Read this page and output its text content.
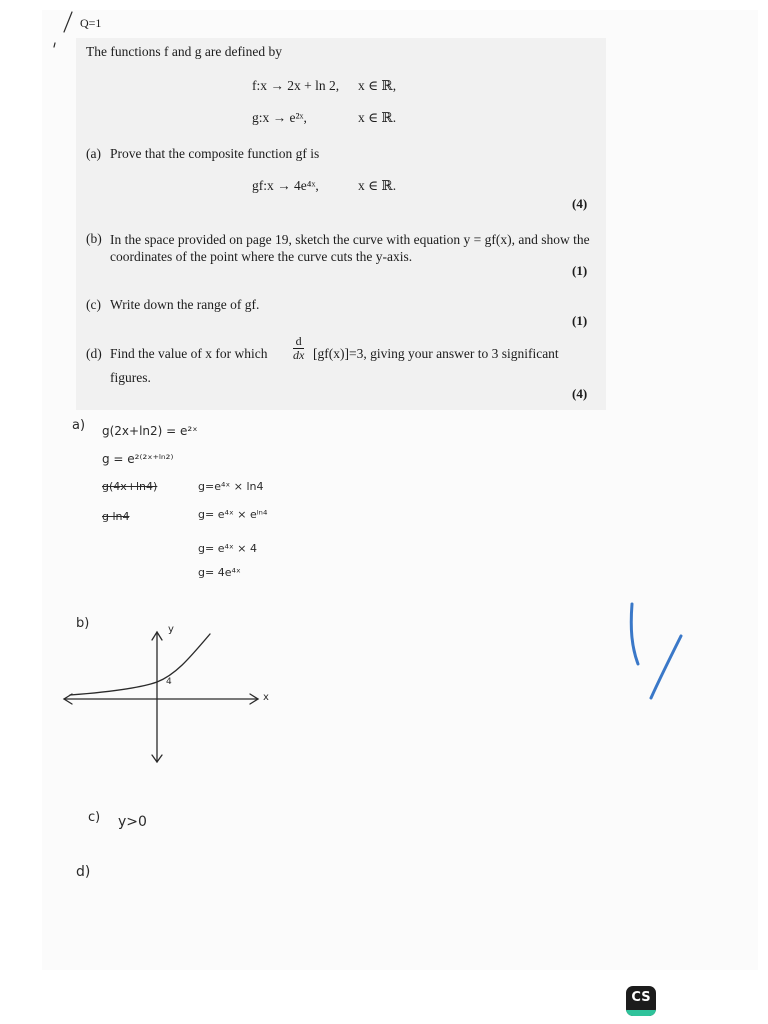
Q=1
The functions f and g are defined by
f:x → 2x + ln 2, x ∈ ℝ,
g:x → e²ˣ,	x ∈ ℝ.
(a) Prove that the composite function gf is
gf:x → 4e⁴ˣ,	x ∈ ℝ.
(4)
(b) In the space provided on page 19, sketch the curve with equation y = gf(x), and show the coordinates of the point where the curve cuts the y-axis.
(1)
(c) Write down the range of gf.
(1)
(d) Find the value of x for which $\frac{d}{dx} [gf(x)]=3$, giving your answer to 3 significant
figures.
(4)
a) g(2x+ln2) = e²ˣ
g = e²⁽²ˣ⁺ˡⁿ²⁾
g(4x+ln4)
g ln4
g=e⁴ˣ × ln4
g= e⁴ˣ × eˡⁿ⁴
g= e⁴ˣ × 4
g= 4e⁴ˣ
b)	y
x
4
c) y>0
d)
CS
